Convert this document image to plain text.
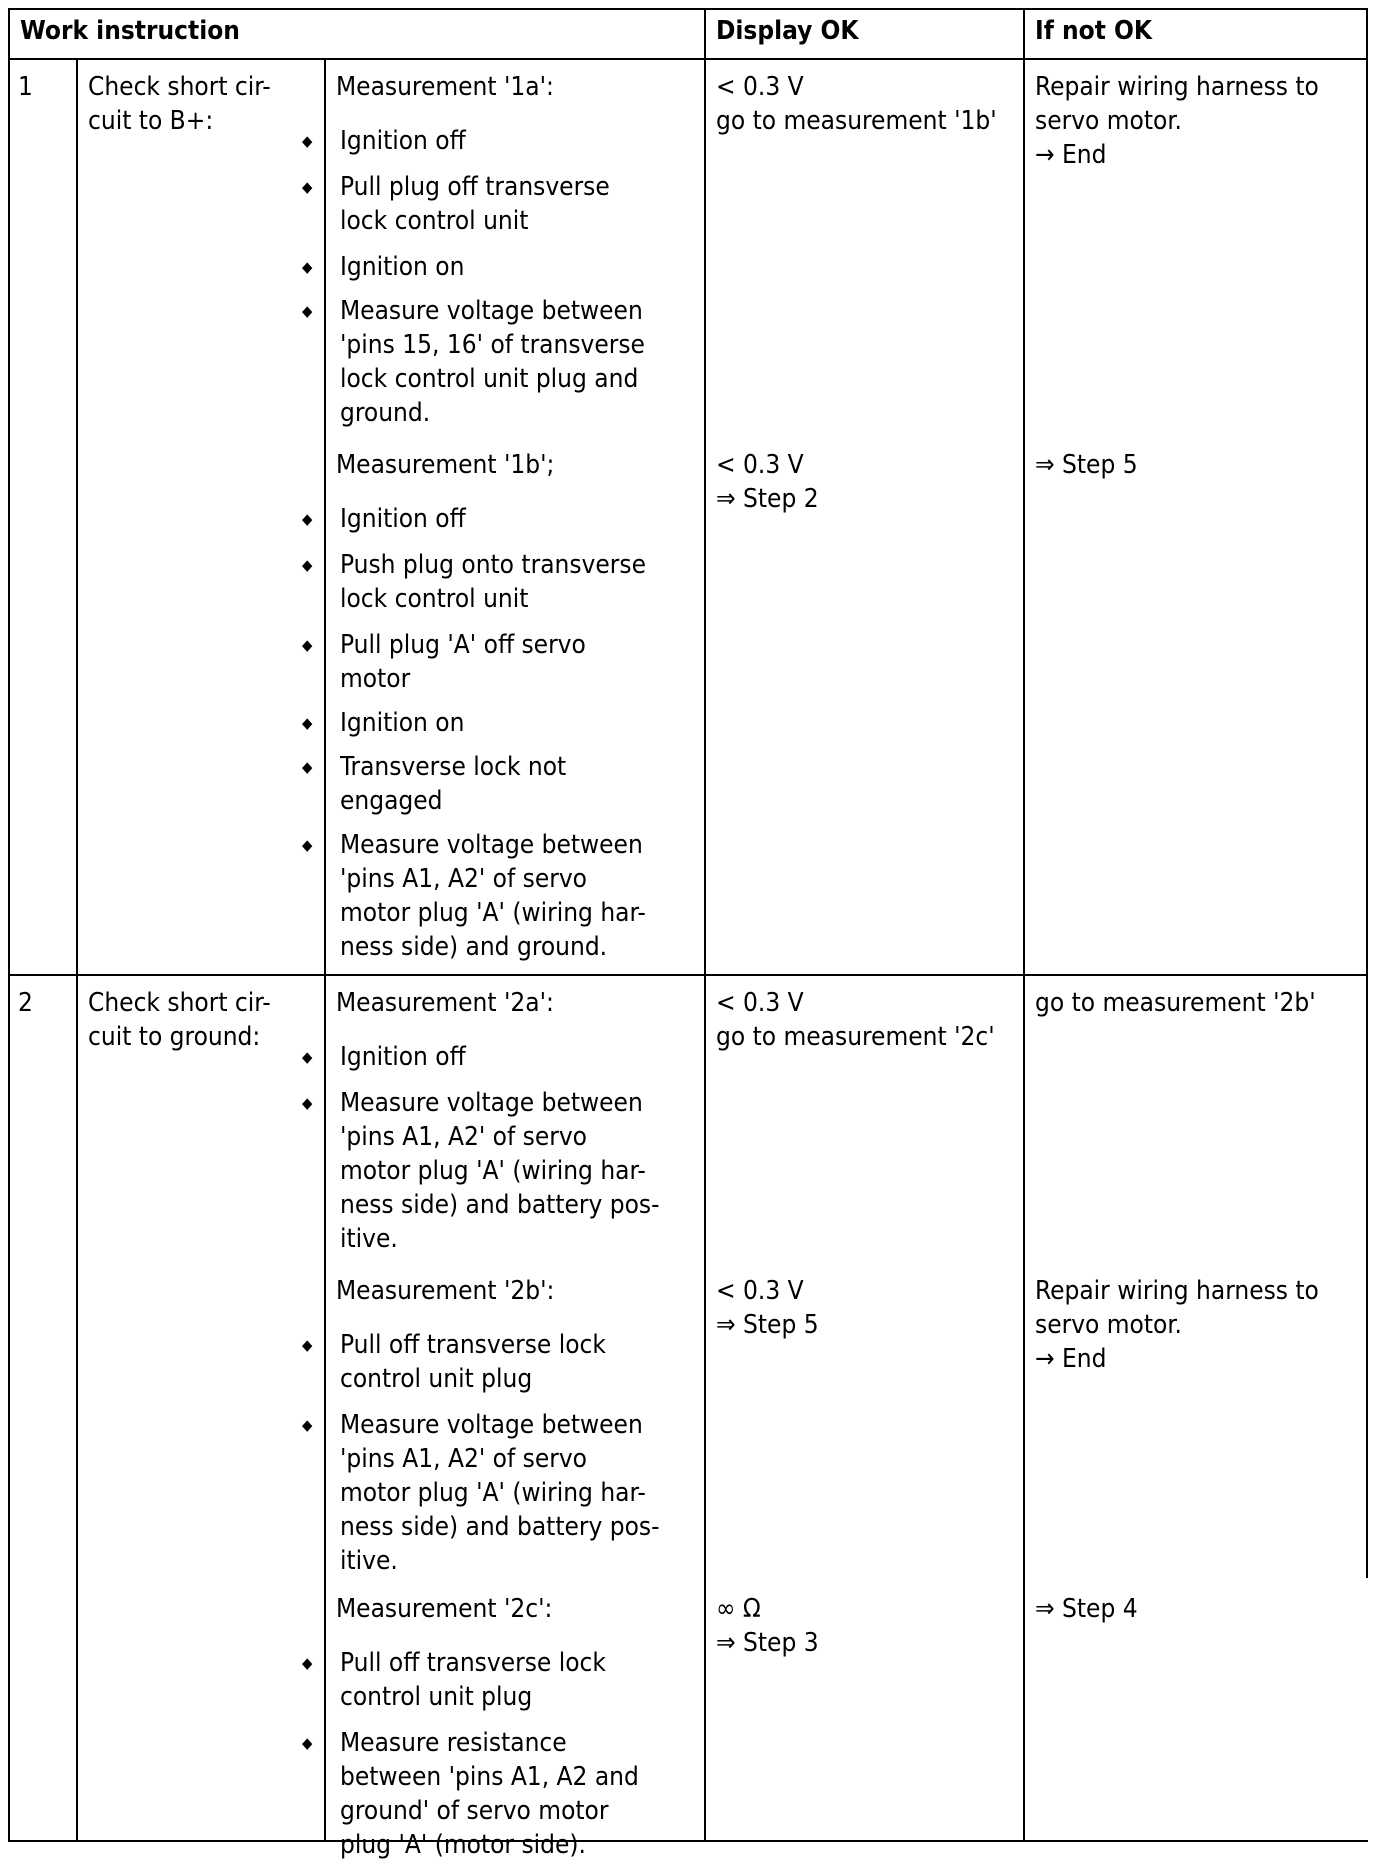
Work instruction	Display OK	If not OK
1 Check short cir-
cuit to B+:
Measurement '1a':
◆ Ignition off
◆ Pull plug off transverse
lock control unit
◆ Ignition on
◆ Measure voltage between
'pins 15, 16' of transverse
lock control unit plug and
ground.
< 0.3 V
go to measurement '1b'
Repair wiring harness to
servo motor.
→ End
Measurement '1b';
◆ Ignition off
◆ Push plug onto transverse
lock control unit
◆ Pull plug 'A' off servo
motor
◆ Ignition on
◆ Transverse lock not
engaged
◆ Measure voltage between
'pins A1, A2' of servo
motor plug 'A' (wiring har-
ness side) and ground.
< 0.3 V
⇒ Step 2
⇒ Step 5
2 Check short cir-
cuit to ground:
Measurement '2a':
◆ Ignition off
◆ Measure voltage between
'pins A1, A2' of servo
motor plug 'A' (wiring har-
ness side) and battery pos-
itive.
< 0.3 V
go to measurement '2c'
go to measurement '2b'
Measurement '2b':
◆ Pull off transverse lock
control unit plug
◆ Measure voltage between
'pins A1, A2' of servo
motor plug 'A' (wiring har-
ness side) and battery pos-
itive.
< 0.3 V
⇒ Step 5
Repair wiring harness to
servo motor.
→ End
Measurement '2c':
◆ Pull off transverse lock
control unit plug
◆ Measure resistance
between 'pins A1, A2 and
ground' of servo motor
plug 'A' (motor side).
∞ Ω
⇒ Step 3
⇒ Step 4
